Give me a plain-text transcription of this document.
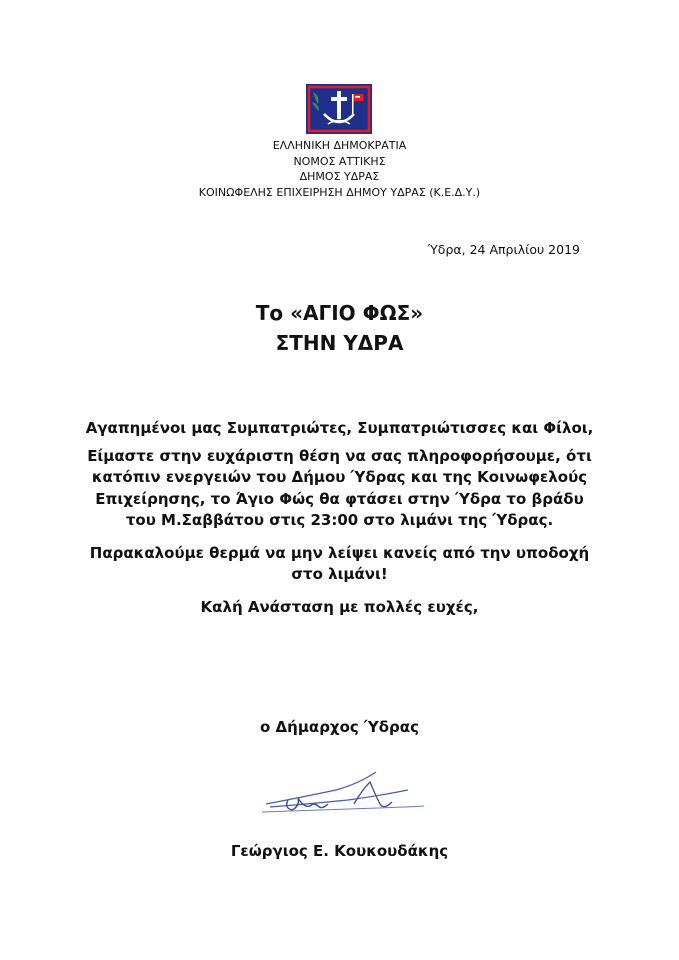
ΕΛΛΗΝΙΚΗ ΔΗΜΟΚΡΑΤΙΑ
ΝΟΜΟΣ ΑΤΤΙΚΗΣ
ΔΗΜΟΣ ΥΔΡΑΣ
ΚΟΙΝΩΦΕΛΗΣ ΕΠΙΧΕΙΡΗΣΗ ΔΗΜΟΥ ΥΔΡΑΣ (Κ.Ε.Δ.Υ.)
Ύδρα, 24 Απριλίου 2019
Το «ΑΓΙΟ ΦΩΣ»
ΣΤΗΝ ΥΔΡΑ

Αγαπημένοι μας Συμπατριώτες, Συμπατριώτισσες και Φίλοι,

Είμαστε στην ευχάριστη θέση να σας πληροφορήσουμε, ότι κατόπιν ενεργειών του Δήμου Ύδρας και της Κοινωφελούς Επιχείρησης, το Άγιο Φώς θα φτάσει στην Ύδρα το βράδυ του Μ.Σαββάτου στις 23:00 στο λιμάνι της Ύδρας.

Παρακαλούμε θερμά να μην λείψει κανείς από την υποδοχή στο λιμάνι!

Καλή Ανάσταση με πολλές ευχές,

ο Δήμαρχος Ύδρας
Γεώργιος Ε. Κουκουδάκης
